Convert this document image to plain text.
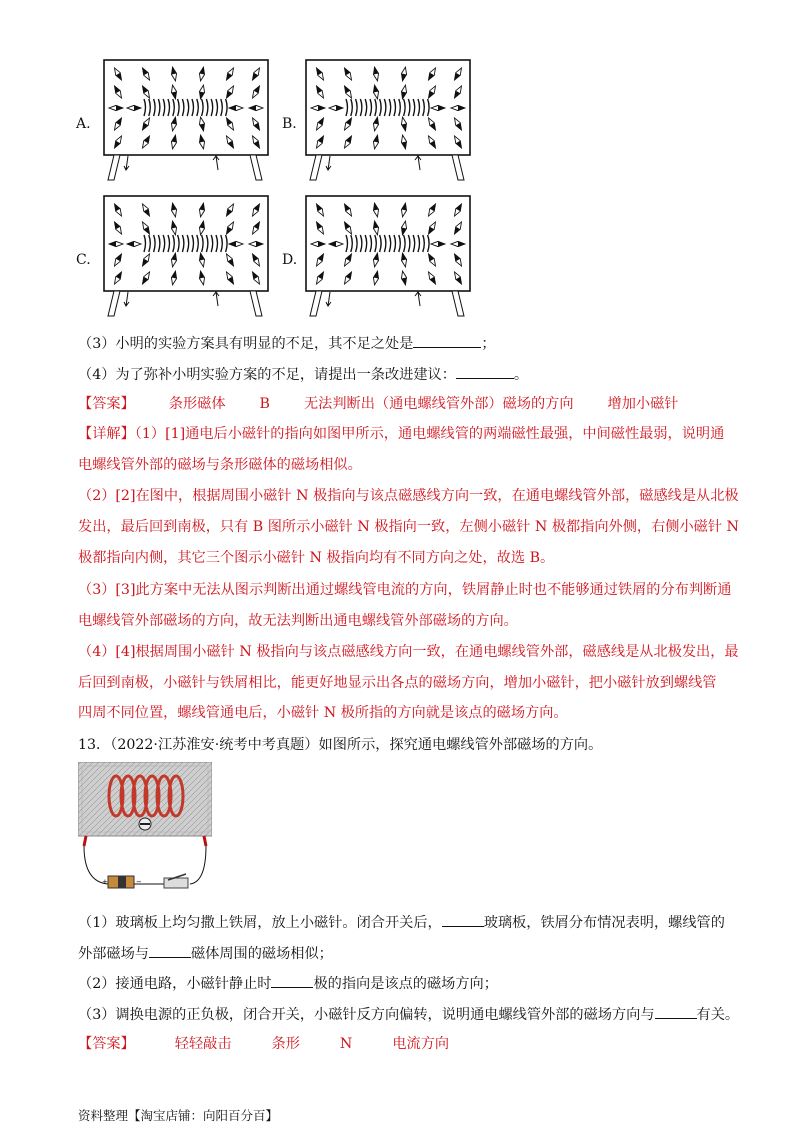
A.	B.
C.	D.
（3）小明的实验方案具有明显的不足，其不足之处是	；
（4）为了弥补小明实验方案的不足，请提出一条改进建议：	。
【答案】 条形磁体 B 无法判断出（通电螺线管外部）磁场的方向 增加小磁针
【详解】（1）[1]通电后小磁针的指向如图甲所示，通电螺线管的两端磁性最强，中间磁性最弱，说明通
电螺线管外部的磁场与条形磁体的磁场相似。
（2）[2]在图中，根据周围小磁针 N 极指向与该点磁感线方向一致，在通电螺线管外部，磁感线是从北极
发出，最后回到南极，只有 B 图所示小磁针 N 极指向一致，左侧小磁针 N 极都指向外侧，右侧小磁针 N
极都指向内侧，其它三个图示小磁针 N 极指向均有不同方向之处，故选 B。
（3）[3]此方案中无法从图示判断出通过螺线管电流的方向，铁屑静止时也不能够通过铁屑的分布判断通
电螺线管外部磁场的方向，故无法判断出通电螺线管外部磁场的方向。
（4）[4]根据周围小磁针 N 极指向与该点磁感线方向一致，在通电螺线管外部，磁感线是从北极发出，最
后回到南极，小磁针与铁屑相比，能更好地显示出各点的磁场方向，增加小磁针，把小磁针放到螺线管
四周不同位置，螺线管通电后，小磁针 N 极所指的方向就是该点的磁场方向。
13．（2022·江苏淮安·统考中考真题）如图所示，探究通电螺线管外部磁场的方向。
+	−
（1）玻璃板上均匀撒上铁屑，放上小磁针。闭合开关后，	玻璃板，铁屑分布情况表明，螺线管的
外部磁场与	磁体周围的磁场相似；
（2）接通电路，小磁针静止时	极的指向是该点的磁场方向；
（3）调换电源的正负极，闭合开关，小磁针反方向偏转，说明通电螺线管外部的磁场方向与	有关。
【答案】	轻轻敲击	条形	N	电流方向
资料整理【淘宝店铺：向阳百分百】
